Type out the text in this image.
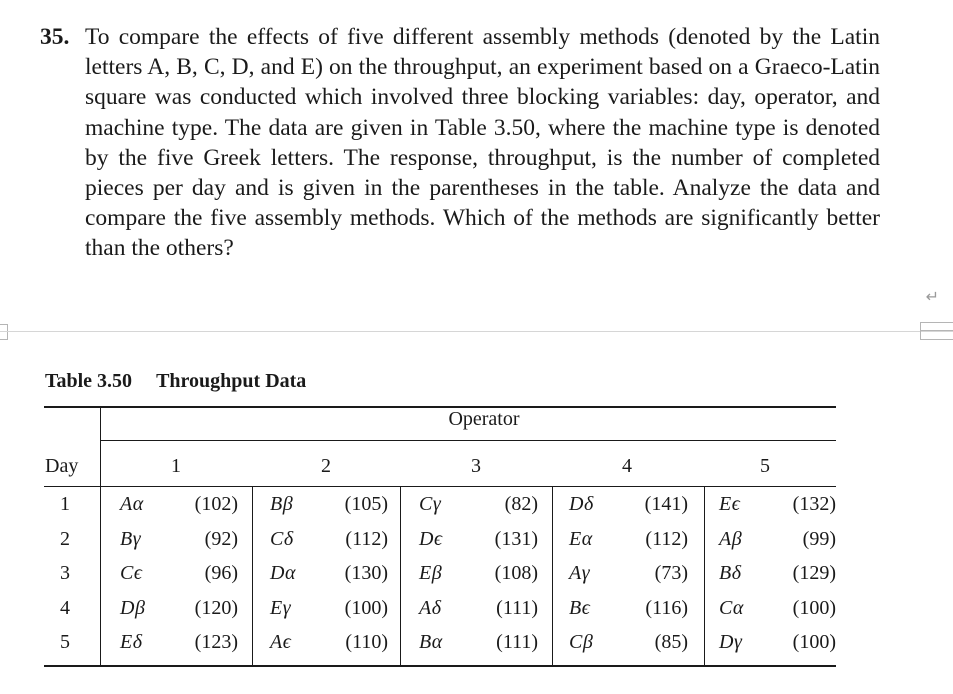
35. To compare the effects of five different assembly methods (denoted by the Latin letters A, B, C, D, and E) on the throughput, an experiment based on a Graeco-Latin square was conducted which involved three blocking variables: day, operator, and machine type. The data are given in Table 3.50, where the machine type is denoted by the five Greek letters. The response, throughput, is the number of completed pieces per day and is given in the parentheses in the table. Analyze the data and compare the five assembly methods. Which of the methods are significantly better than the others?
↵
Table 3.50 Throughput Data
Operator
Day	1	2	3	4	5
1	Aα	(102) Bβ	(105) Cγ	(82) Dδ	(141) Eϵ	(132)
2	Bγ	(92) Cδ	(112) Dϵ	(131) Eα	(112) Aβ	(99)
3	Cϵ	(96) Dα (130) Eβ	(108) Aγ	(73) Bδ	(129)
4	Dβ (120) Eγ	(100) Aδ	(111) Bϵ	(116) Cα (100)
5	Eδ	(123) Aϵ	(110) Bα	(111) Cβ	(85) Dγ	(100)
